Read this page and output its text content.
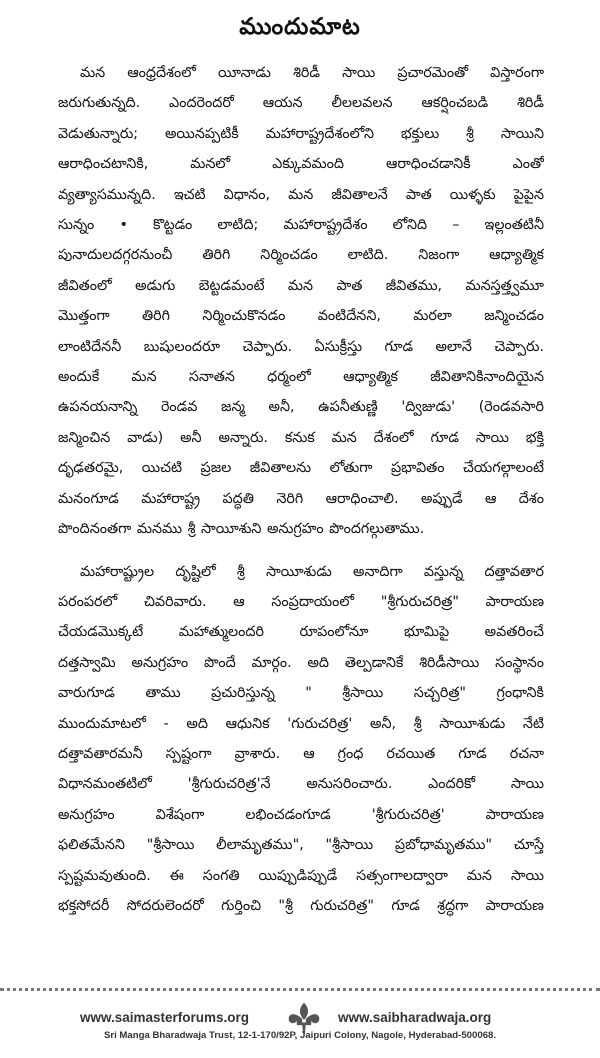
ముందుమాట

మన ఆంధ్రదేశంలో యీనాడు శిరిడీ సాయి ప్రచారమెంతో విస్తారంగా
జరుగుతున్నది. ఎందరెందరో ఆయన లీలలవలన ఆకర్షించబడి శిరిడీ
వెడుతున్నారు; అయినప్పటికీ మహారాష్ట్రదేశంలోని భక్తులు శ్రీ సాయిని
ఆరాధించటానికి, మనలో ఎక్కువమంది ఆరాధించడానికీ ఎంతో
వ్యత్యాసమున్నది. ఇచటి విధానం, మన జీవితాలనే పాత యిళ్ళకు పైపైన
సున్నం • కొట్టడం లాటిది; మహారాష్ట్రదేశం లోనిది – ఇల్లంతటినీ
పునాదులదగ్గరనుంచీ తిరిగి నిర్మించడం లాటిది. నిజంగా ఆధ్యాత్మిక
జీవితంలో అడుగు బెట్టడమంటే మన పాత జీవితము, మనస్తత్త్వమూ
మొత్తంగా తిరిగి నిర్మించుకొనడం వంటిదేనని, మరలా జన్మించడం
లాంటిదేననీ బుషులందరూ చెప్పారు. ఏసుక్రీస్తు గూడ అలానే చెప్పారు.
అందుకే మన సనాతన ధర్మంలో ఆధ్యాత్మిక జీవితానికినాందియైన
ఉపనయనాన్ని రెండవ జన్మ అనీ, ఉపనీతుణ్ణి 'ద్విజుడు' (రెండవసారి
జన్మించిన వాడు) అనీ అన్నారు. కనుక మన దేశంలో గూడ సాయి భక్తి
దృఢతరమై, యిచటి ప్రజల జీవితాలను లోతుగా ప్రభావితం చేయగల్గాలంటే
మనంగూడ మహారాష్ట్ర పద్ధతి నెరిగి ఆరాధించాలి. అప్పుడే ఆ దేశం
పొందినంతగా మనము శ్రీ సాయీశుని అనుగ్రహం పొందగల్గుతాము.

మహారాష్ట్రుల దృష్టిలో శ్రీ సాయీశుడు అనాదిగా వస్తున్న దత్తావతార
పరంపరలో చివరివారు. ఆ సంప్రదాయంలో "శ్రీగురుచరిత్ర" పారాయణ
చేయడమొక్కటే మహాత్ములందరి రూపంలోనూ భూమిపై అవతరించే
దత్తస్వామి అనుగ్రహం పొందే మార్గం. అది తెల్పడానికే శిరిడీసాయి సంస్థానం
వారుగూడ తాము ప్రచురిస్తున్న " శ్రీసాయి సచ్చరిత్ర" గ్రంధానికి
ముందుమాటలో - అది ఆధునిక 'గురుచరిత్ర' అనీ, శ్రీ సాయీశుడు నేటి
దత్తావతారమనీ స్పష్టంగా వ్రాశారు. ఆ గ్రంధ రచయిత గూడ రచనా
విధానమంతటిలో 'శ్రీగురుచరిత్ర'నే అనుసరించారు. ఎందరికో సాయి
అనుగ్రహం విశేషంగా లభించడంగూడ 'శ్రీగురుచరిత్ర' పారాయణ
ఫలితమేనని "శ్రీసాయి లీలామృతము", "శ్రీసాయి ప్రబోధామృతము" చూస్తే
స్పష్టమవుతుంది. ఈ సంగతి యిప్పుడిప్పుడే సత్సంగాలద్వారా మన సాయి
భక్తసోదరీ సోదరులెందరో గుర్తించి "శ్రీ గురుచరిత్ర" గూడ శ్రద్ధగా పారాయణ

www.saimasterforums.org	www.saibharadwaja.org
Sri Manga Bharadwaja Trust, 12-1-170/92P, Jaipuri Colony, Nagole, Hyderabad-500068.
